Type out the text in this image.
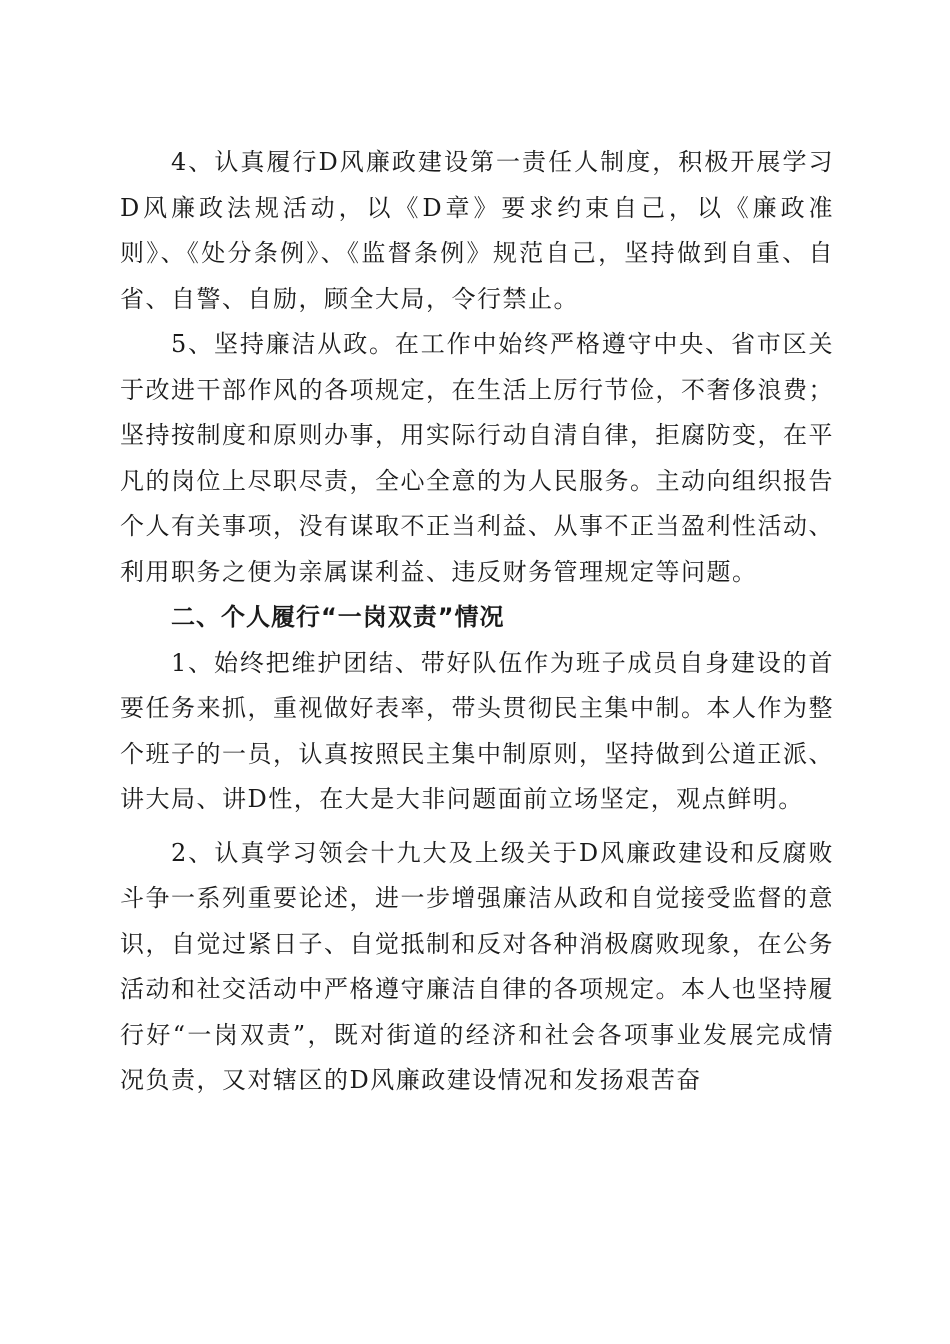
4、认真履行D风廉政建设第一责任人制度，积极开展学习D风廉政法规活动，以《D章》要求约束自己，以《廉政准则》、《处分条例》、《监督条例》规范自己，坚持做到自重、自省、自警、自励，顾全大局，令行禁止。

5、坚持廉洁从政。在工作中始终严格遵守中央、省市区关于改进干部作风的各项规定，在生活上厉行节俭，不奢侈浪费；坚持按制度和原则办事，用实际行动自清自律，拒腐防变，在平凡的岗位上尽职尽责，全心全意的为人民服务。主动向组织报告个人有关事项，没有谋取不正当利益、从事不正当盈利性活动、利用职务之便为亲属谋利益、违反财务管理规定等问题。

二、个人履行“一岗双责”情况

1、始终把维护团结、带好队伍作为班子成员自身建设的首要任务来抓，重视做好表率，带头贯彻民主集中制。本人作为整个班子的一员，认真按照民主集中制原则，坚持做到公道正派、讲大局、讲D性，在大是大非问题面前立场坚定，观点鲜明。

2、认真学习领会十九大及上级关于D风廉政建设和反腐败斗争一系列重要论述，进一步增强廉洁从政和自觉接受监督的意识，自觉过紧日子、自觉抵制和反对各种消极腐败现象，在公务活动和社交活动中严格遵守廉洁自律的各项规定。本人也坚持履行好“一岗双责”，既对街道的经济和社会各项事业发展完成情况负责，又对辖区的D风廉政建设情况和发扬艰苦奋
